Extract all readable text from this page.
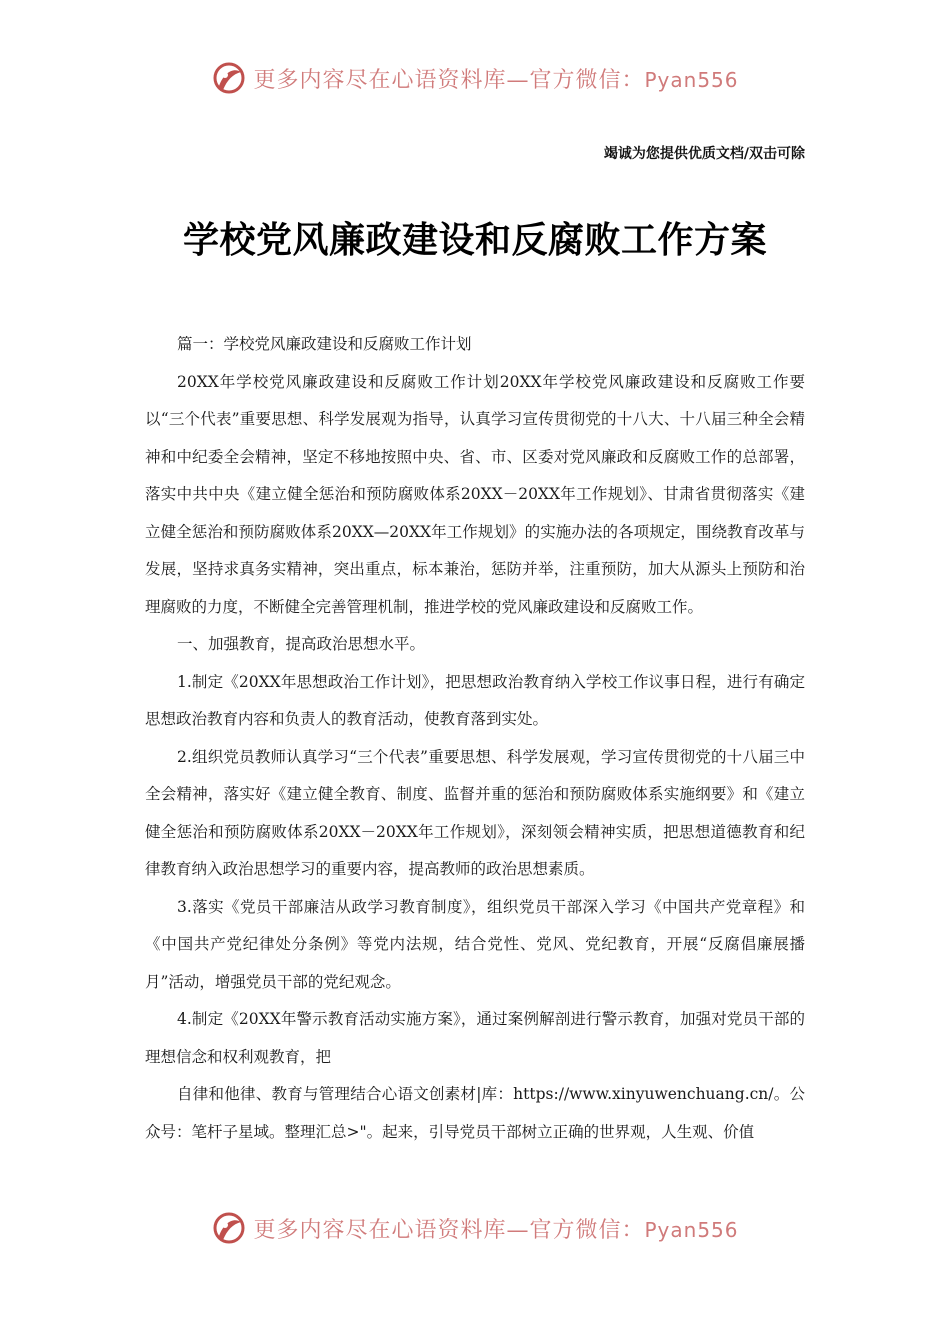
更多内容尽在心语资料库—官方微信：Pyan556
竭诚为您提供优质文档/双击可除
学校党风廉政建设和反腐败工作方案

篇一：学校党风廉政建设和反腐败工作计划

20XX年学校党风廉政建设和反腐败工作计划20XX年学校党风廉政建设和反腐败工作要以“三个代表”重要思想、科学发展观为指导，认真学习宣传贯彻党的十八大、十八届三种全会精神和中纪委全会精神，坚定不移地按照中央、省、市、区委对党风廉政和反腐败工作的总部署，落实中共中央《建立健全惩治和预防腐败体系20XX－20XX年工作规划》、甘肃省贯彻落实《建立健全惩治和预防腐败体系20XX—20XX年工作规划》的实施办法的各项规定，围绕教育改革与发展，坚持求真务实精神，突出重点，标本兼治，惩防并举，注重预防，加大从源头上预防和治理腐败的力度，不断健全完善管理机制，推进学校的党风廉政建设和反腐败工作。

一、加强教育，提高政治思想水平。

1.制定《20XX年思想政治工作计划》，把思想政治教育纳入学校工作议事日程，进行有确定思想政治教育内容和负责人的教育活动，使教育落到实处。

2.组织党员教师认真学习“三个代表”重要思想、科学发展观，学习宣传贯彻党的十八届三中全会精神，落实好《建立健全教育、制度、监督并重的惩治和预防腐败体系实施纲要》和《建立健全惩治和预防腐败体系20XX－20XX年工作规划》，深刻领会精神实质，把思想道德教育和纪律教育纳入政治思想学习的重要内容，提高教师的政治思想素质。

3.落实《党员干部廉洁从政学习教育制度》，组织党员干部深入学习《中国共产党章程》和《中国共产党纪律处分条例》等党内法规，结合党性、党风、党纪教育，开展“反腐倡廉展播月”活动，增强党员干部的党纪观念。

4.制定《20XX年警示教育活动实施方案》，通过案例解剖进行警示教育，加强对党员干部的理想信念和权利观教育，把

自律和他律、教育与管理结合心语文创素材|库：https://www.xinyuwenchuang.cn/。公众号：笔杆子星域。整理汇总>"。起来，引导党员干部树立正确的世界观，人生观、价值

更多内容尽在心语资料库—官方微信：Pyan556
